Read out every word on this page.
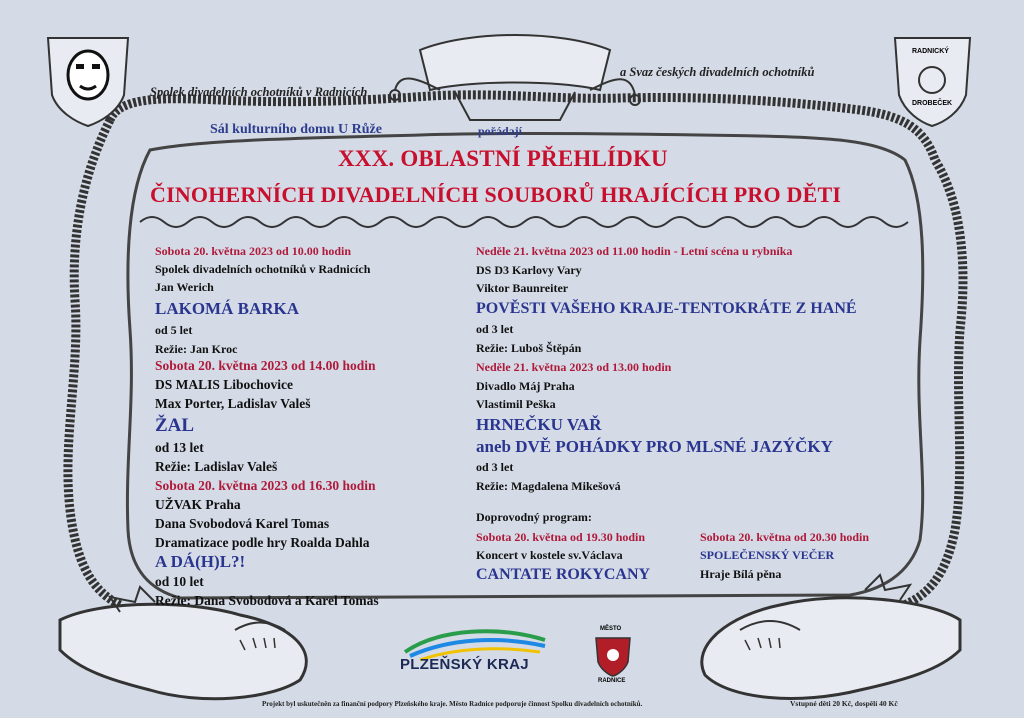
Spolek divadelních ochotníků v Radnicích
a Svaz českých divadelních ochotníků
RADNICKÝ
DROBEČEK
Sál kulturního domu U Růže	pořádají
XXX. OBLASTNÍ PŘEHLÍDKU
ČINOHERNÍCH DIVADELNÍCH SOUBORŮ HRAJÍCÍCH PRO DĚTI
Sobota 20. května 2023 od 10.00 hodin
Spolek divadelních ochotníků v Radnicích
Jan Werich
LAKOMÁ BARKA
od 5 let
Režie: Jan Kroc
Sobota 20. května 2023 od 14.00 hodin
DS MALIS Libochovice
Max Porter, Ladislav Valeš
ŽAL
od 13 let
Režie: Ladislav Valeš
Sobota 20. května 2023 od 16.30 hodin
UŽVAK Praha
Dana Svobodová Karel Tomas
Dramatizace podle hry Roalda Dahla
A DÁ(H)L?!
od 10 let
Režie: Dana Svobodová a Karel Tomas
Neděle 21. května 2023 od 11.00 hodin - Letní scéna u rybníka
DS D3 Karlovy Vary
Viktor Baunreiter
POVĚSTI VAŠEHO KRAJE-TENTOKRÁTE Z HANÉ
od 3 let
Režie: Luboš Štěpán
Neděle 21. května 2023 od 13.00 hodin
Divadlo Máj Praha
Vlastimil Peška
HRNEČKU VAŘ
aneb DVĚ POHÁDKY PRO MLSNÉ JAZÝČKY
od 3 let
Režie: Magdalena Mikešová
Doprovodný program:
Sobota 20. května od 19.30 hodin
Koncert v kostele sv.Václava
CANTATE ROKYCANY
Sobota 20. května od 20.30 hodin
SPOLEČENSKÝ VEČER
Hraje Bílá pěna
PLZEŇSKÝ KRAJ
MĚSTO
RADNICE
Projekt byl uskutečněn za finanční podpory Plzeňského kraje. Město Radnice podporuje činnost Spolku divadelních ochotníků.	Vstupné děti 20 Kč, dospělí 40 Kč
